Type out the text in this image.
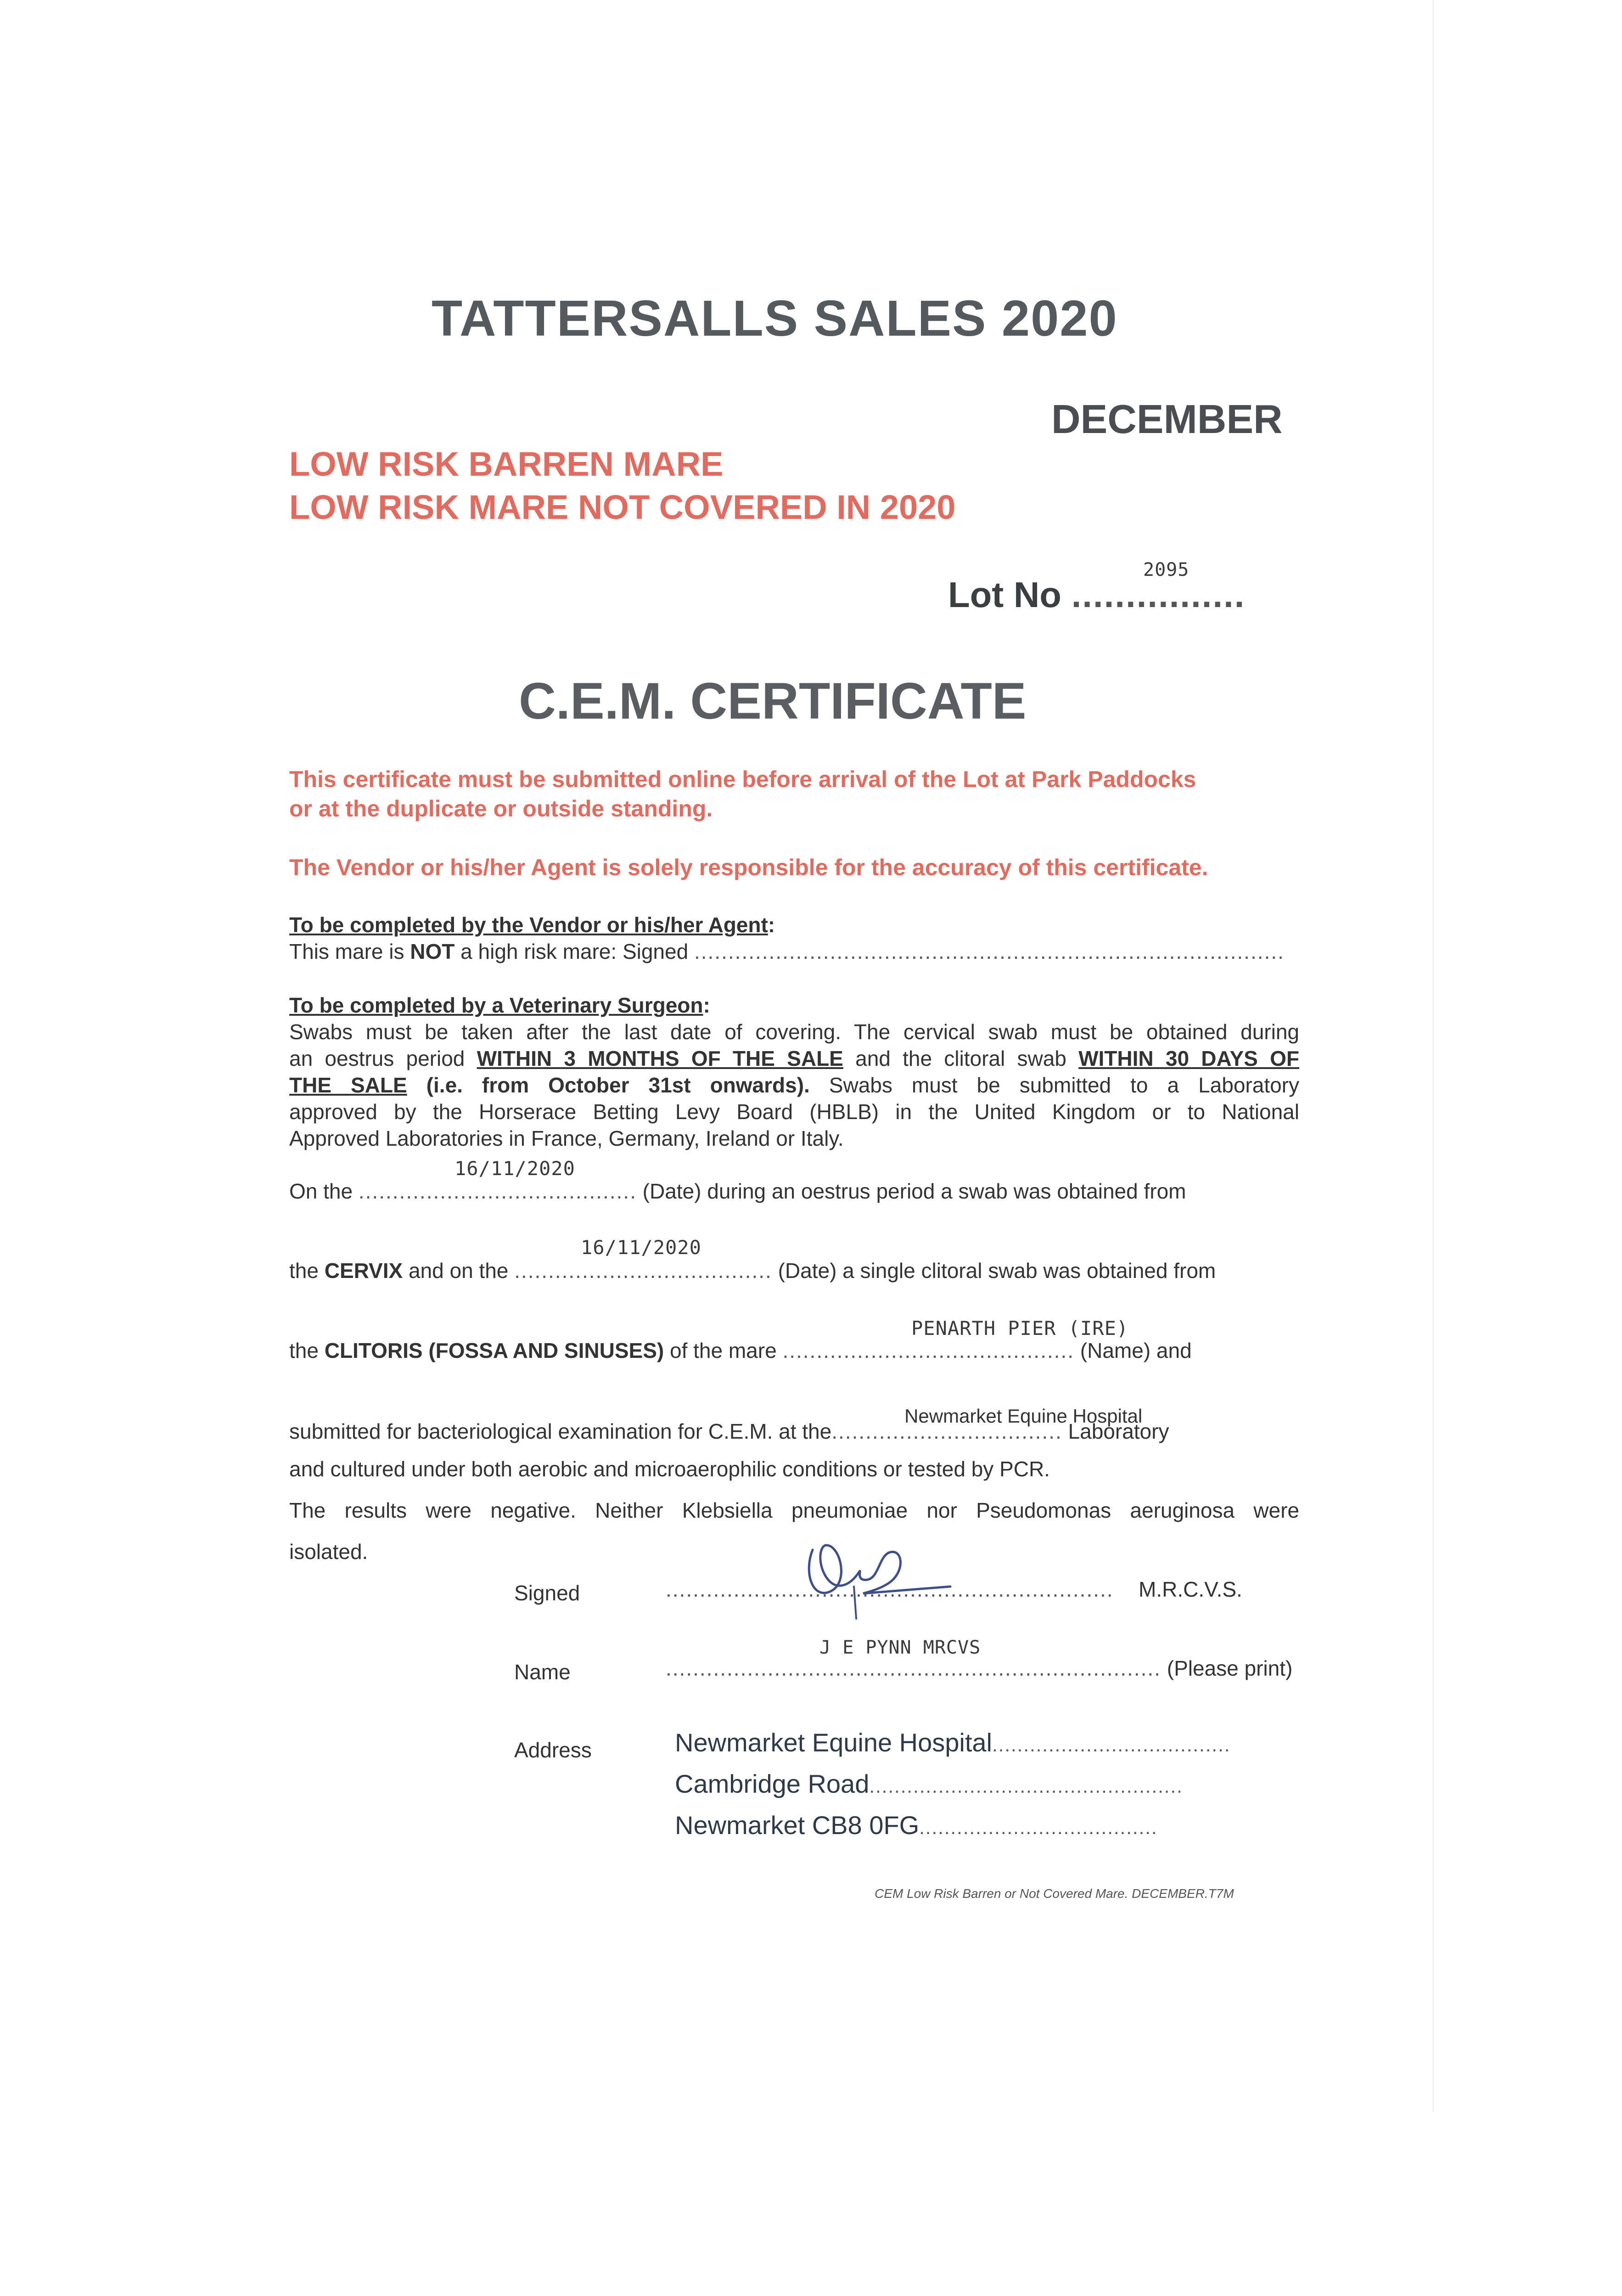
TATTERSALLS SALES 2020
DECEMBER
LOW RISK BARREN MARE
LOW RISK MARE NOT COVERED IN 2020
2095
Lot No ................
C.E.M. CERTIFICATE
This certificate must be submitted online before arrival of the Lot at Park Paddocks
or at the duplicate or outside standing.
The Vendor or his/her Agent is solely responsible for the accuracy of this certificate.
To be completed by the Vendor or his/her Agent:
This mare is NOT a high risk mare: Signed .......................................................................................
To be completed by a Veterinary Surgeon:
Swabs must be taken after the last date of covering. The cervical swab must be obtained during
an oestrus period WITHIN 3 MONTHS OF THE SALE and the clitoral swab WITHIN 30 DAYS OF
THE SALE (i.e. from October 31st onwards). Swabs must be submitted to a Laboratory
approved by the Horserace Betting Levy Board (HBLB) in the United Kingdom or to National
Approved Laboratories in France, Germany, Ireland or Italy.
16/11/2020
On the ......................................... (Date) during an oestrus period a swab was obtained from
16/11/2020
the CERVIX and on the ...................................... (Date) a single clitoral swab was obtained from
PENARTH PIER (IRE)
the CLITORIS (FOSSA AND SINUSES) of the mare ........................................... (Name) and
Newmarket Equine Hospital
submitted for bacteriological examination for C.E.M. at the.................................. Laboratory
and cultured under both aerobic and microaerophilic conditions or tested by PCR.
The results were negative. Neither Klebsiella pneumoniae nor Pseudomonas aeruginosa were
isolated.
Signed	.................................................................. M.R.C.V.S.
J E PYNN MRCVS
Name	......................................................................... (Please print)
Address	Newmarket Equine Hospital......................................
Cambridge Road..................................................
Newmarket CB8 0FG......................................
CEM Low Risk Barren or Not Covered Mare. DECEMBER.T7M
